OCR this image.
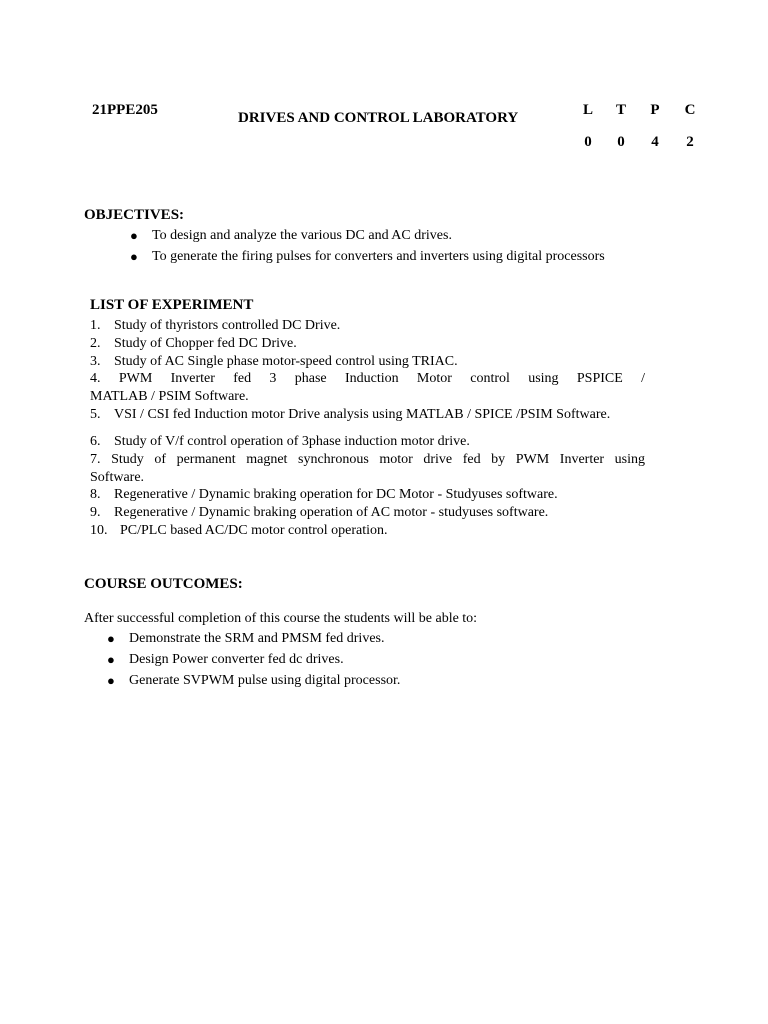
21PPE205	DRIVES AND CONTROL LABORATORY	L	T	P	C
0	0	4	2
OBJECTIVES:
● To design and analyze the various DC and AC drives.
● To generate the firing pulses for converters and inverters using digital processors
LIST OF EXPERIMENT
1. Study of thyristors controlled DC Drive.
2. Study of Chopper fed DC Drive.
3. Study of AC Single phase motor-speed control using TRIAC.
4. PWM Inverter fed 3 phase Induction Motor control using PSPICE /
MATLAB / PSIM Software.
5. VSI / CSI fed Induction motor Drive analysis using MATLAB / SPICE /PSIM Software.
6. Study of V/f control operation of 3phase induction motor drive.
7. Study of permanent magnet synchronous motor drive fed by PWM Inverter using
Software.
8. Regenerative / Dynamic braking operation for DC Motor - Studyuses software.
9. Regenerative / Dynamic braking operation of AC motor - studyuses software.
10. PC/PLC based AC/DC motor control operation.
COURSE OUTCOMES:
After successful completion of this course the students will be able to:
● Demonstrate the SRM and PMSM fed drives.
● Design Power converter fed dc drives.
● Generate SVPWM pulse using digital processor.
